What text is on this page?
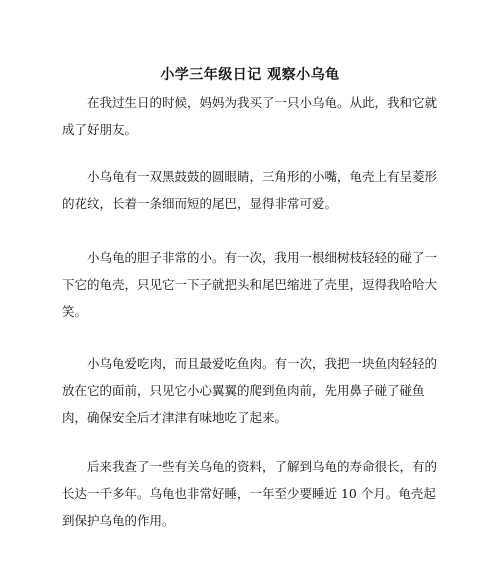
小学三年级日记 观察小乌龟

在我过生日的时候，妈妈为我买了一只小乌龟。从此，我和它就成了好朋友。

小乌龟有一双黑鼓鼓的圆眼睛，三角形的小嘴，龟壳上有呈菱形的花纹，长着一条细而短的尾巴，显得非常可爱。

小乌龟的胆子非常的小。有一次，我用一根细树枝轻轻的碰了一下它的龟壳，只见它一下子就把头和尾巴缩进了壳里，逗得我哈哈大笑。

小乌龟爱吃肉，而且最爱吃鱼肉。有一次，我把一块鱼肉轻轻的放在它的面前，只见它小心翼翼的爬到鱼肉前，先用鼻子碰了碰鱼肉，确保安全后才津津有味地吃了起来。

后来我查了一些有关乌龟的资料，了解到乌龟的寿命很长，有的长达一千多年。乌龟也非常好睡，一年至少要睡近 10 个月。龟壳起到保护乌龟的作用。
